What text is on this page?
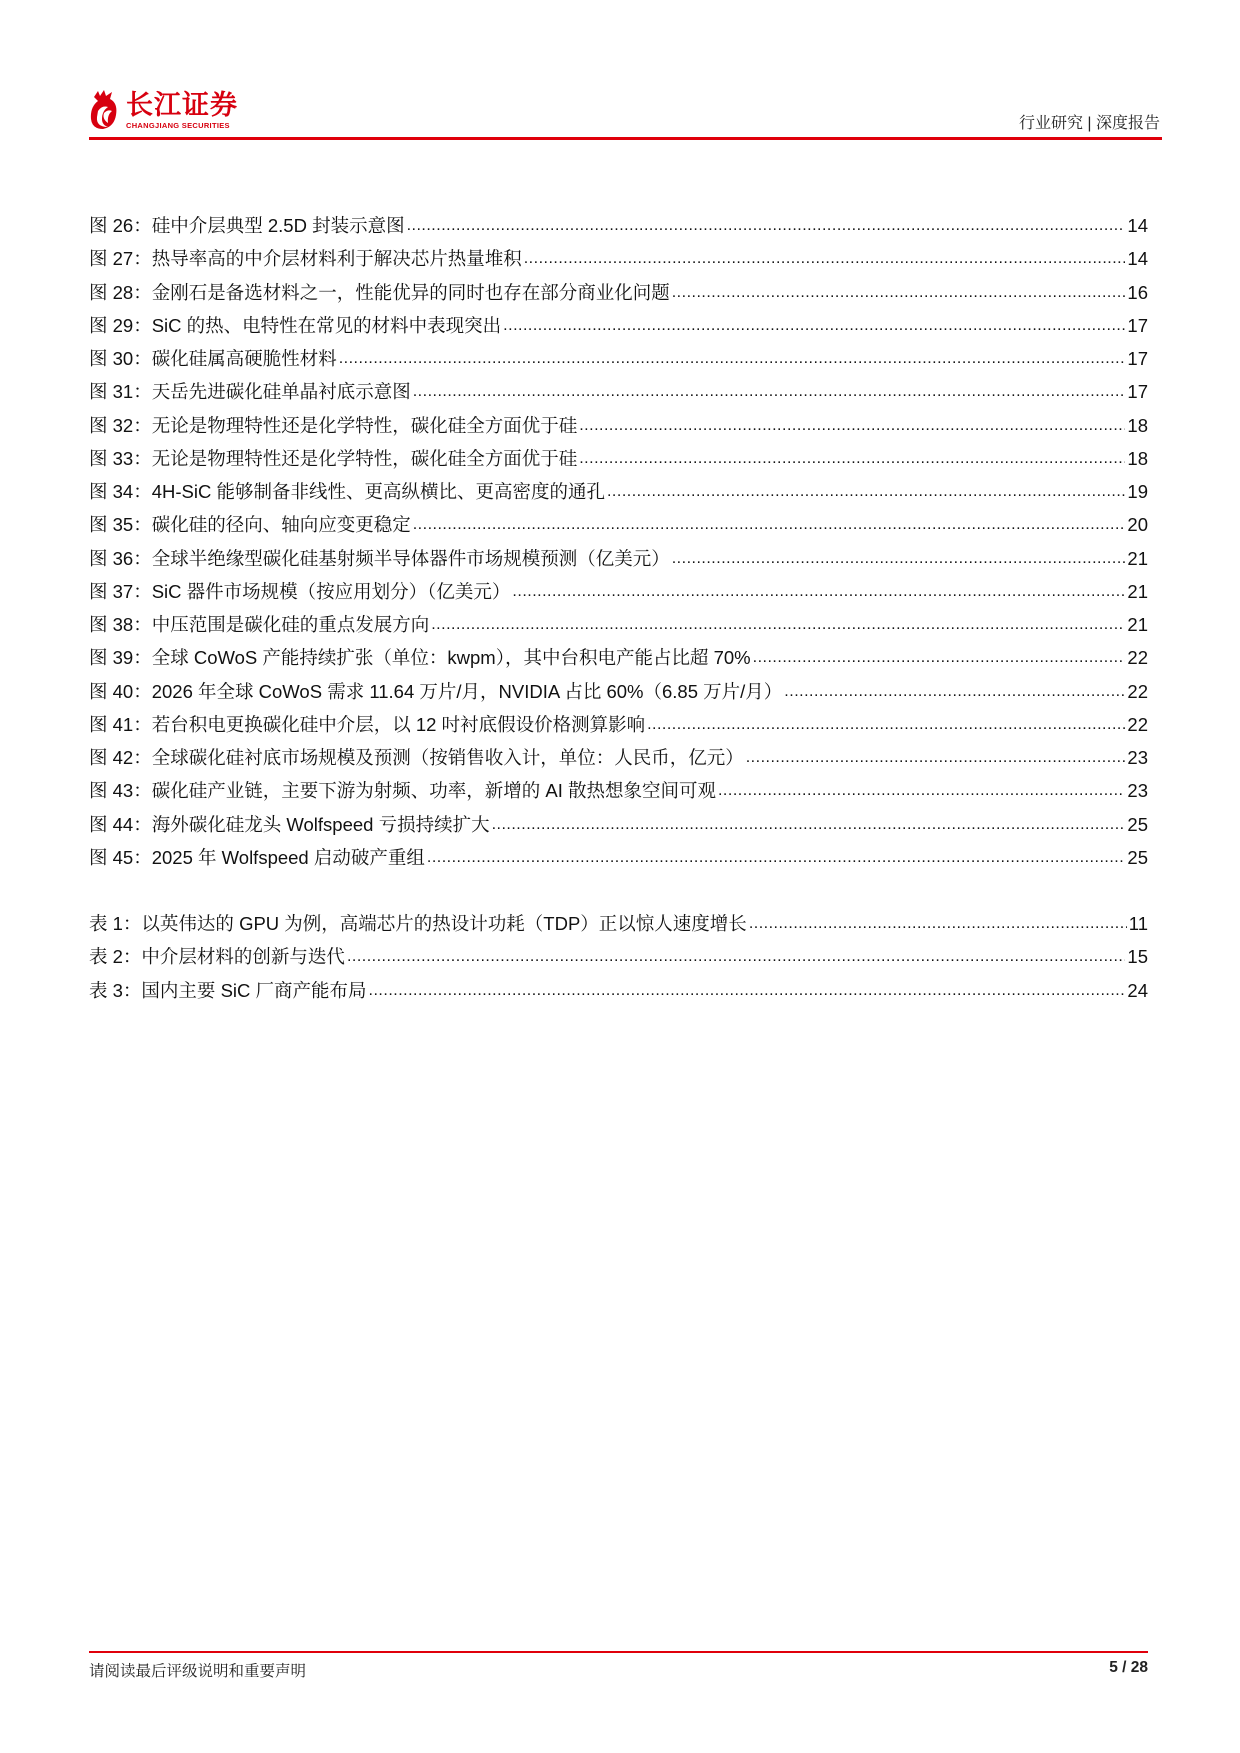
长江证券
CHANGJIANG SECURITIES	行业研究 | 深度报告
图 26：硅中介层典型 2.5D 封装示意图 .....	14
图 27：热导率高的中介层材料利于解决芯片热量堆积 .....	14
图 28：金刚石是备选材料之一，性能优异的同时也存在部分商业化问题 .....	16
图 29：SiC 的热、电特性在常见的材料中表现突出 .....	17
图 30：碳化硅属高硬脆性材料 .....	17
图 31：天岳先进碳化硅单晶衬底示意图 .....	17
图 32：无论是物理特性还是化学特性，碳化硅全方面优于硅 .....	18
图 33：无论是物理特性还是化学特性，碳化硅全方面优于硅 .....	18
图 34：4H-SiC 能够制备非线性、更高纵横比、更高密度的通孔 .....	19
图 35：碳化硅的径向、轴向应变更稳定 .....	20
图 36：全球半绝缘型碳化硅基射频半导体器件市场规模预测（亿美元） .....	21
图 37：SiC 器件市场规模（按应用划分）（亿美元） .....	21
图 38：中压范围是碳化硅的重点发展方向 .....	21
图 39：全球 CoWoS 产能持续扩张（单位：kwpm），其中台积电产能占比超 70% .....	22
图 40：2026 年全球 CoWoS 需求 11.64 万片/月，NVIDIA 占比 60%（6.85 万片/月） .....	22
图 41：若台积电更换碳化硅中介层，以 12 吋衬底假设价格测算影响 .....	22
图 42：全球碳化硅衬底市场规模及预测（按销售收入计，单位：人民币，亿元） .....	23
图 43：碳化硅产业链，主要下游为射频、功率，新增的 AI 散热想象空间可观 .....	23
图 44：海外碳化硅龙头 Wolfspeed 亏损持续扩大 .....	25
图 45：2025 年 Wolfspeed 启动破产重组 .....	25
表 1：以英伟达的 GPU 为例，高端芯片的热设计功耗（TDP）正以惊人速度增长 .....	11
表 2：中介层材料的创新与迭代 .....	15
表 3：国内主要 SiC 厂商产能布局 .....	24
请阅读最后评级说明和重要声明	5 / 28
